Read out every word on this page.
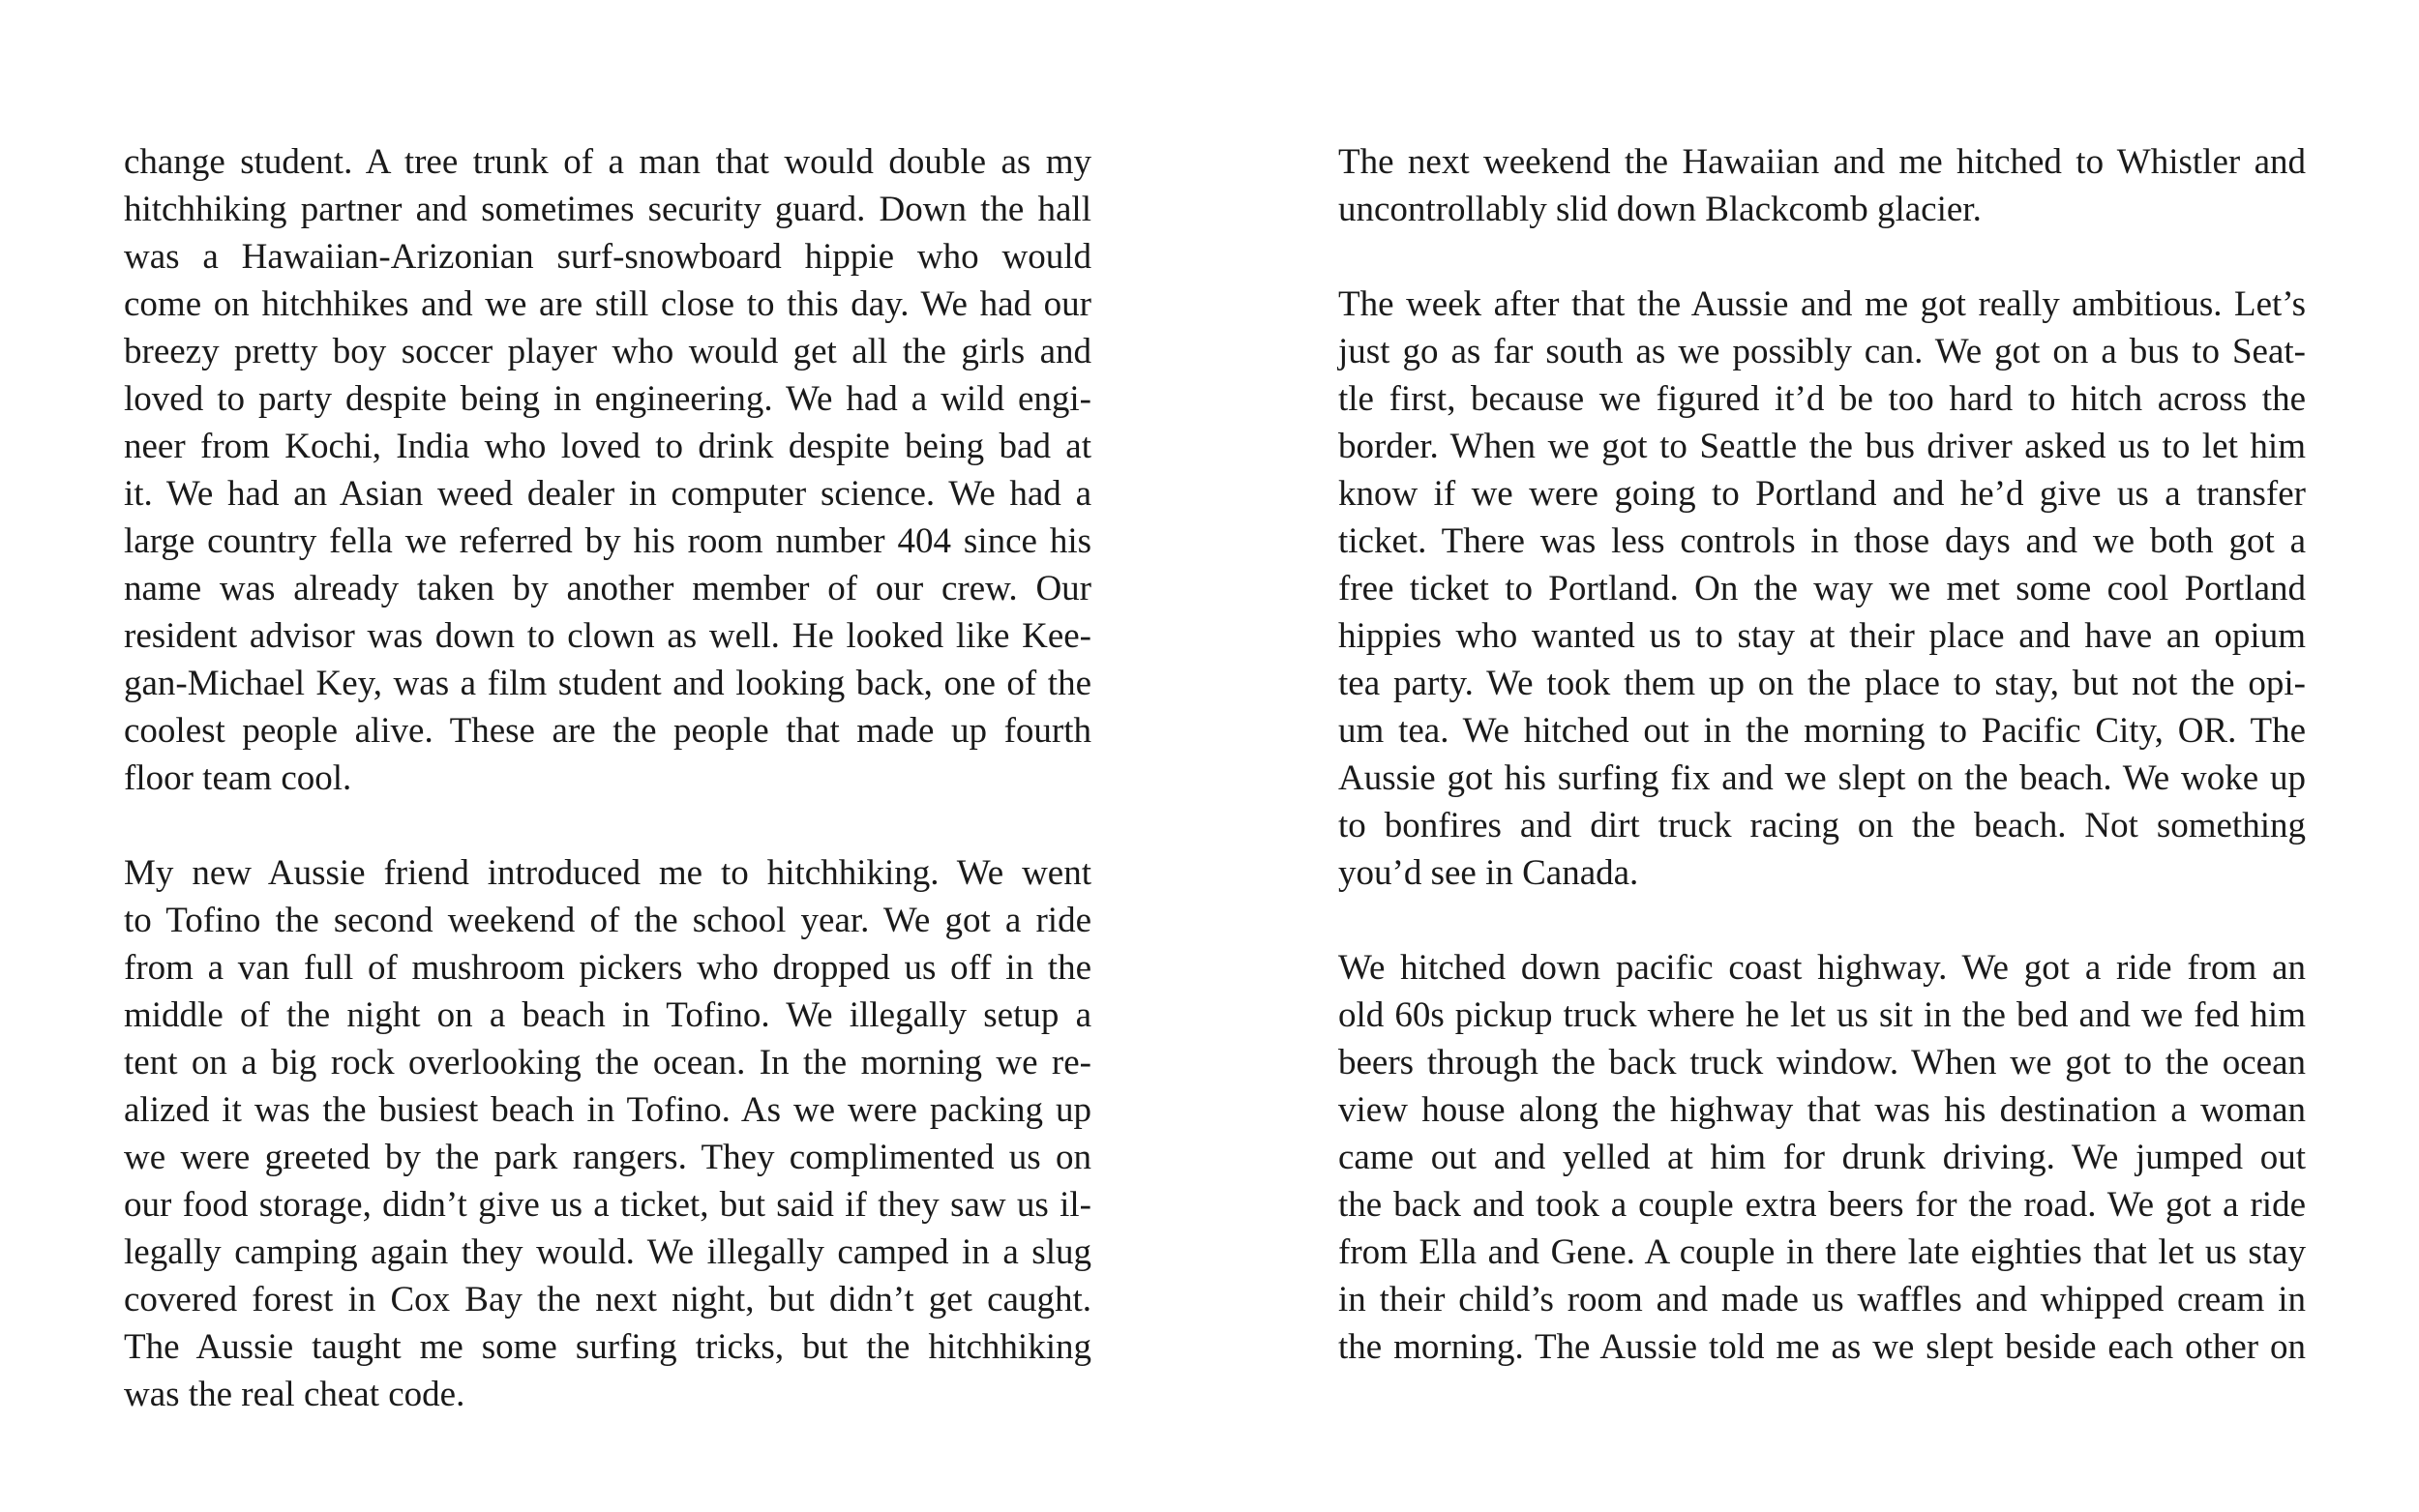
change student. A tree trunk of a man that would double as my
hitchhiking partner and sometimes security guard. Down the hall
was a Hawaiian-Arizonian surf-snowboard hippie who would
come on hitchhikes and we are still close to this day. We had our
breezy pretty boy soccer player who would get all the girls and
loved to party despite being in engineering. We had a wild engi-
neer from Kochi, India who loved to drink despite being bad at
it. We had an Asian weed dealer in computer science. We had a
large country fella we referred by his room number 404 since his
name was already taken by another member of our crew. Our
resident advisor was down to clown as well. He looked like Kee-
gan-Michael Key, was a film student and looking back, one of the
coolest people alive. These are the people that made up fourth
floor team cool.
My new Aussie friend introduced me to hitchhiking. We went
to Tofino the second weekend of the school year. We got a ride
from a van full of mushroom pickers who dropped us off in the
middle of the night on a beach in Tofino. We illegally setup a
tent on a big rock overlooking the ocean. In the morning we re-
alized it was the busiest beach in Tofino. As we were packing up
we were greeted by the park rangers. They complimented us on
our food storage, didn’t give us a ticket, but said if they saw us il-
legally camping again they would. We illegally camped in a slug
covered forest in Cox Bay the next night, but didn’t get caught.
The Aussie taught me some surfing tricks, but the hitchhiking
was the real cheat code.
The next weekend the Hawaiian and me hitched to Whistler and
uncontrollably slid down Blackcomb glacier.
The week after that the Aussie and me got really ambitious. Let’s
just go as far south as we possibly can. We got on a bus to Seat-
tle first, because we figured it’d be too hard to hitch across the
border. When we got to Seattle the bus driver asked us to let him
know if we were going to Portland and he’d give us a transfer
ticket. There was less controls in those days and we both got a
free ticket to Portland. On the way we met some cool Portland
hippies who wanted us to stay at their place and have an opium
tea party. We took them up on the place to stay, but not the opi-
um tea. We hitched out in the morning to Pacific City, OR. The
Aussie got his surfing fix and we slept on the beach. We woke up
to bonfires and dirt truck racing on the beach. Not something
you’d see in Canada.
We hitched down pacific coast highway. We got a ride from an
old 60s pickup truck where he let us sit in the bed and we fed him
beers through the back truck window. When we got to the ocean
view house along the highway that was his destination a woman
came out and yelled at him for drunk driving. We jumped out
the back and took a couple extra beers for the road. We got a ride
from Ella and Gene. A couple in there late eighties that let us stay
in their child’s room and made us waffles and whipped cream in
the morning. The Aussie told me as we slept beside each other on
